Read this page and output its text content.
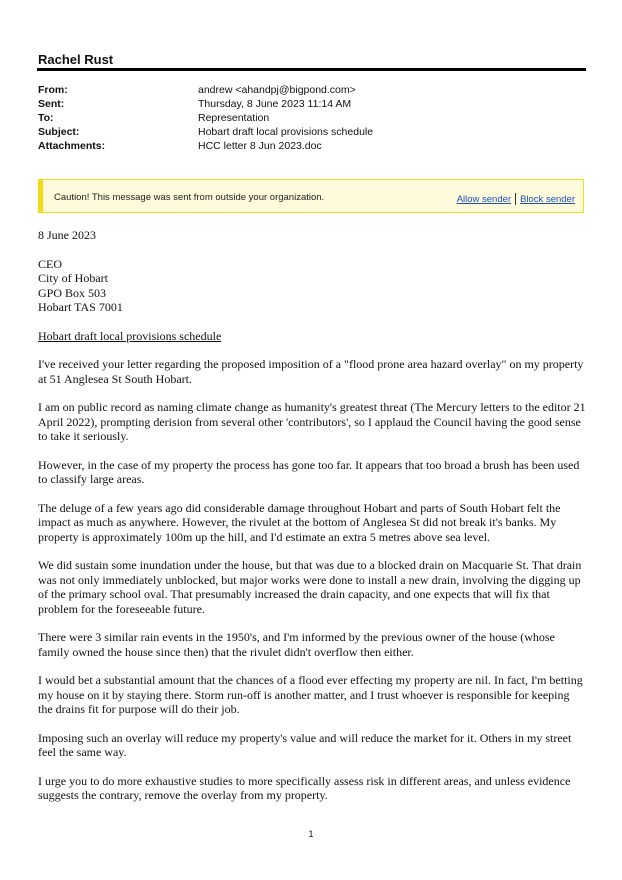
Rachel Rust
From:	andrew <ahandpj@bigpond.com>
Sent:	Thursday, 8 June 2023 11:14 AM
To:	Representation
Subject:	Hobart draft local provisions schedule
Attachments:	HCC letter 8 Jun 2023.doc
Caution! This message was sent from outside your organization.	Allow sender Block sender

8 June 2023

CEO
City of Hobart
GPO Box 503
Hobart TAS 7001

Hobart draft local provisions schedule

I've received your letter regarding the proposed imposition of a "flood prone area hazard overlay" on my property at 51 Anglesea St South Hobart.

I am on public record as naming climate change as humanity's greatest threat (The Mercury letters to the editor 21 April 2022), prompting derision from several other 'contributors', so I applaud the Council having the good sense to take it seriously.

However, in the case of my property the process has gone too far. It appears that too broad a brush has been used to classify large areas.

The deluge of a few years ago did considerable damage throughout Hobart and parts of South Hobart felt the impact as much as anywhere. However, the rivulet at the bottom of Anglesea St did not break it's banks. My property is approximately 100m up the hill, and I'd estimate an extra 5 metres above sea level.

We did sustain some inundation under the house, but that was due to a blocked drain on Macquarie St. That drain was not only immediately unblocked, but major works were done to install a new drain, involving the digging up of the primary school oval. That presumably increased the drain capacity, and one expects that will fix that problem for the foreseeable future.

There were 3 similar rain events in the 1950's, and I'm informed by the previous owner of the house (whose family owned the house since then) that the rivulet didn't overflow then either.

I would bet a substantial amount that the chances of a flood ever effecting my property are nil. In fact, I'm betting my house on it by staying there. Storm run-off is another matter, and I trust whoever is responsible for keeping the drains fit for purpose will do their job.

Imposing such an overlay will reduce my property's value and will reduce the market for it. Others in my street feel the same way.

I urge you to do more exhaustive studies to more specifically assess risk in different areas, and unless evidence suggests the contrary, remove the overlay from my property.

1
